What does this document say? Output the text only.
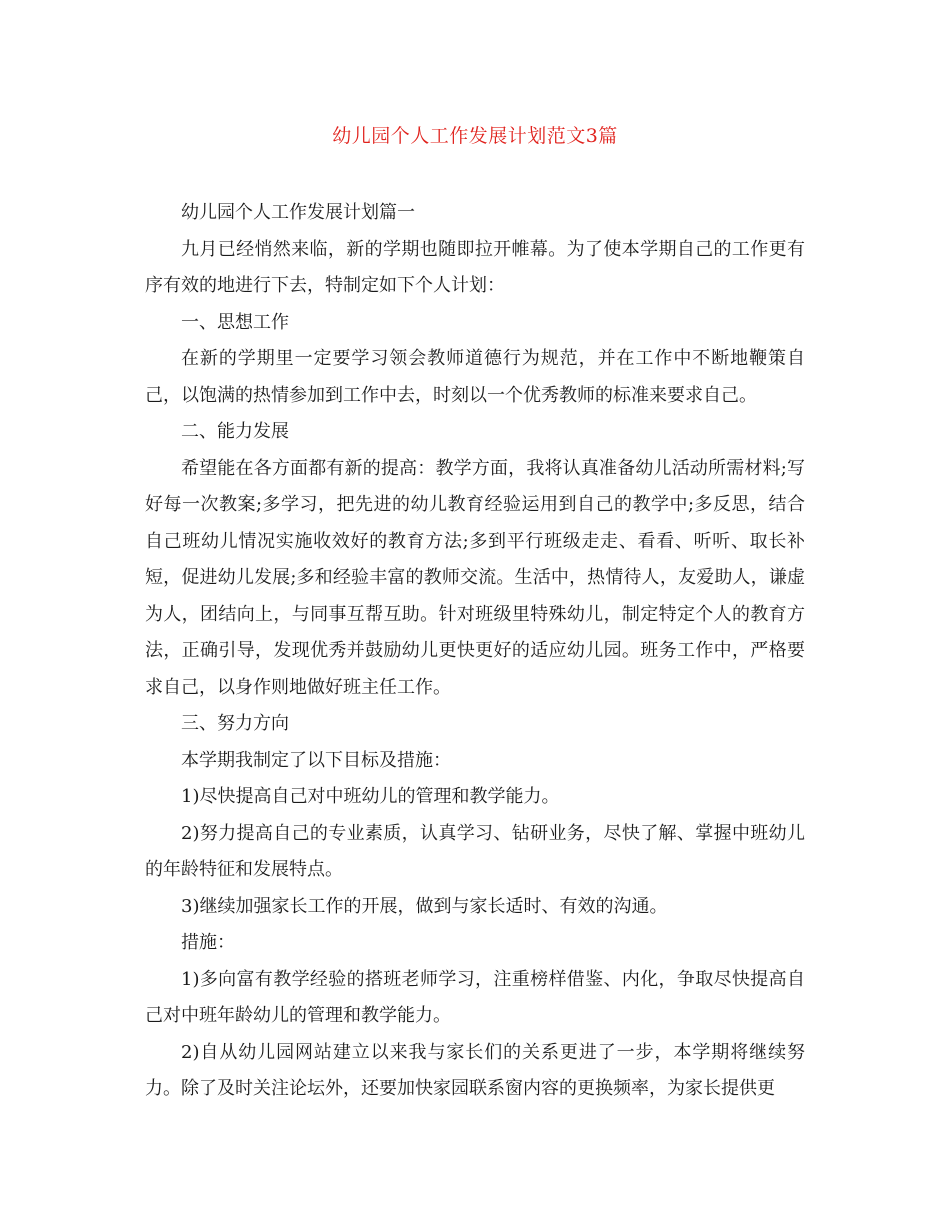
幼儿园个人工作发展计划范文3篇

幼儿园个人工作发展计划篇一

九月已经悄然来临，新的学期也随即拉开帷幕。为了使本学期自己的工作更有序有效的地进行下去，特制定如下个人计划：

一、思想工作

在新的学期里一定要学习领会教师道德行为规范，并在工作中不断地鞭策自己，以饱满的热情参加到工作中去，时刻以一个优秀教师的标准来要求自己。

二、能力发展

希望能在各方面都有新的提高：教学方面，我将认真准备幼儿活动所需材料;写好每一次教案;多学习，把先进的幼儿教育经验运用到自己的教学中;多反思，结合自己班幼儿情况实施收效好的教育方法;多到平行班级走走、看看、听听、取长补短，促进幼儿发展;多和经验丰富的教师交流。生活中，热情待人，友爱助人，谦虚为人，团结向上，与同事互帮互助。针对班级里特殊幼儿，制定特定个人的教育方法，正确引导，发现优秀并鼓励幼儿更快更好的适应幼儿园。班务工作中，严格要求自己，以身作则地做好班主任工作。

三、努力方向

本学期我制定了以下目标及措施：

1)尽快提高自己对中班幼儿的管理和教学能力。

2)努力提高自己的专业素质，认真学习、钻研业务，尽快了解、掌握中班幼儿的年龄特征和发展特点。

3)继续加强家长工作的开展，做到与家长适时、有效的沟通。

措施：

1)多向富有教学经验的搭班老师学习，注重榜样借鉴、内化，争取尽快提高自己对中班年龄幼儿的管理和教学能力。

2)自从幼儿园网站建立以来我与家长们的关系更进了一步，本学期将继续努力。除了及时关注论坛外，还要加快家园联系窗内容的更换频率，为家长提供更
